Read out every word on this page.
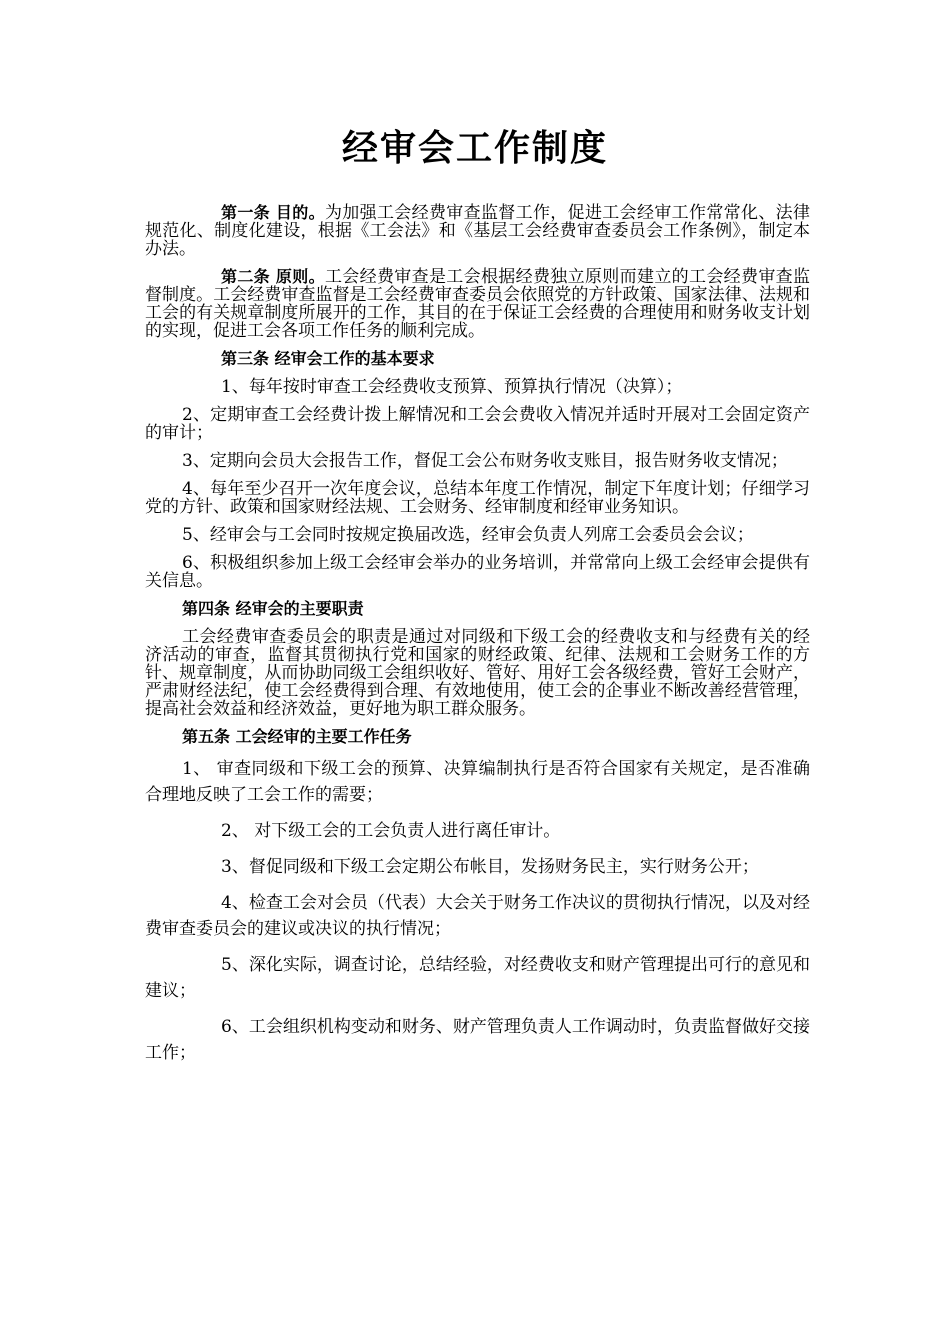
经审会工作制度

第一条 目的。为加强工会经费审查监督工作，促进工会经审工作常常化、法律规范化、制度化建设，根据《工会法》和《基层工会经费审查委员会工作条例》，制定本办法。

第二条 原则。工会经费审查是工会根据经费独立原则而建立的工会经费审查监督制度。工会经费审查监督是工会经费审查委员会依照党的方针政策、国家法律、法规和工会的有关规章制度所展开的工作，其目的在于保证工会经费的合理使用和财务收支计划的实现，促进工会各项工作任务的顺利完成。

第三条 经审会工作的基本要求

1、每年按时审查工会经费收支预算、预算执行情况（决算）；

2、定期审查工会经费计拨上解情况和工会会费收入情况并适时开展对工会固定资产的审计；

3、定期向会员大会报告工作，督促工会公布财务收支账目，报告财务收支情况；

4、每年至少召开一次年度会议，总结本年度工作情况，制定下年度计划；仔细学习党的方针、政策和国家财经法规、工会财务、经审制度和经审业务知识。

5、经审会与工会同时按规定换届改选，经审会负责人列席工会委员会会议；

6、积极组织参加上级工会经审会举办的业务培训，并常常向上级工会经审会提供有关信息。

第四条 经审会的主要职责

工会经费审查委员会的职责是通过对同级和下级工会的经费收支和与经费有关的经济活动的审查，监督其贯彻执行党和国家的财经政策、纪律、法规和工会财务工作的方针、规章制度，从而协助同级工会组织收好、管好、用好工会各级经费，管好工会财产，严肃财经法纪，使工会经费得到合理、有效地使用，使工会的企事业不断改善经营管理，提高社会效益和经济效益，更好地为职工群众服务。

第五条 工会经审的主要工作任务

1、 审查同级和下级工会的预算、决算编制执行是否符合国家有关规定，是否准确合理地反映了工会工作的需要；

2、 对下级工会的工会负责人进行离任审计。

3、督促同级和下级工会定期公布帐目，发扬财务民主，实行财务公开；

4、检查工会对会员（代表）大会关于财务工作决议的贯彻执行情况，以及对经费审查委员会的建议或决议的执行情况；

5、深化实际，调查讨论，总结经验，对经费收支和财产管理提出可行的意见和建议；

6、工会组织机构变动和财务、财产管理负责人工作调动时，负责监督做好交接工作；
